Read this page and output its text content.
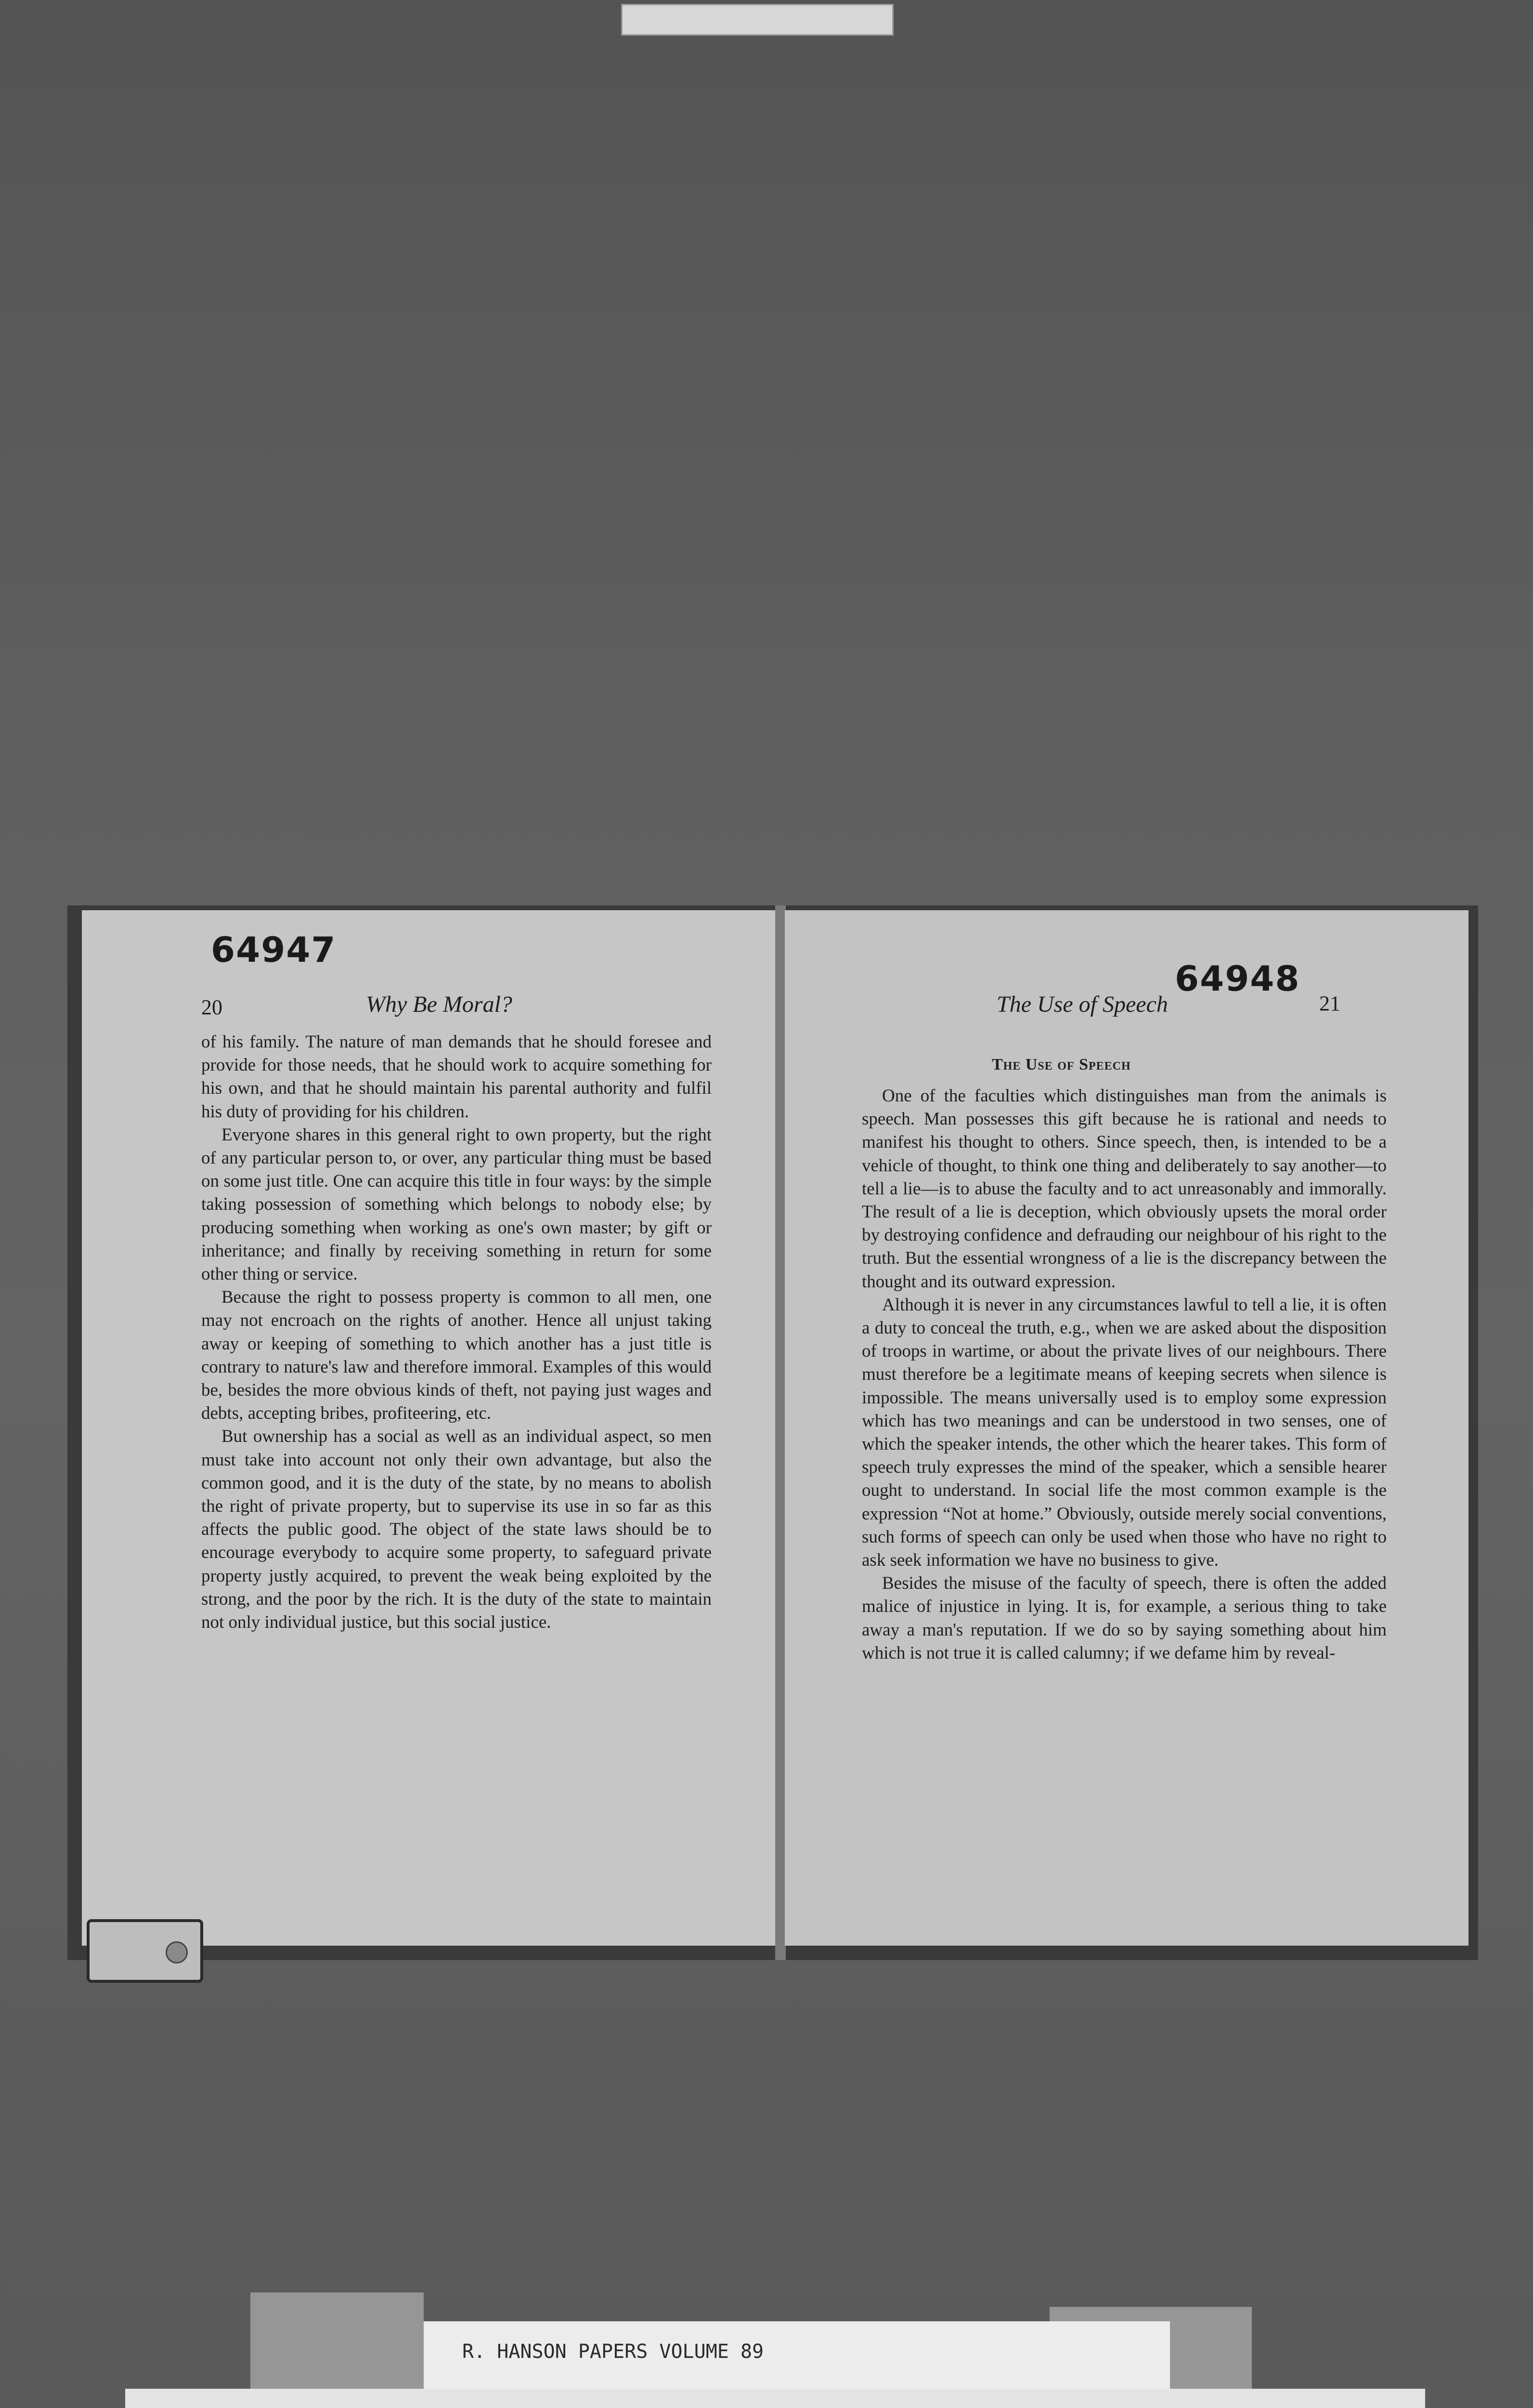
64947
20	Why Be Moral?

of his family. The nature of man demands that he should foresee and provide for those needs, that he should work to acquire something for his own, and that he should maintain his parental authority and fulfil his duty of providing for his children.

Everyone shares in this general right to own property, but the right of any particular person to, or over, any particular thing must be based on some just title. One can acquire this title in four ways: by the simple taking possession of something which belongs to nobody else; by producing something when working as one's own master; by gift or inheritance; and finally by receiving something in return for some other thing or service.

Because the right to possess property is common to all men, one may not encroach on the rights of another. Hence all unjust taking away or keeping of something to which another has a just title is contrary to nature's law and therefore immoral. Examples of this would be, besides the more obvious kinds of theft, not paying just wages and debts, accepting bribes, profiteering, etc.

But ownership has a social as well as an individual aspect, so men must take into account not only their own advantage, but also the common good, and it is the duty of the state, by no means to abolish the right of private property, but to supervise its use in so far as this affects the public good. The object of the state laws should be to encourage everybody to acquire some property, to safeguard private property justly acquired, to prevent the weak being exploited by the strong, and the poor by the rich. It is the duty of the state to maintain not only individual justice, but this social justice.

64948
The Use of Speech	21
The Use of Speech

One of the faculties which distinguishes man from the animals is speech. Man possesses this gift because he is rational and needs to manifest his thought to others. Since speech, then, is intended to be a vehicle of thought, to think one thing and deliberately to say another—to tell a lie—is to abuse the faculty and to act unreasonably and immorally. The result of a lie is deception, which obviously upsets the moral order by destroying confidence and defrauding our neighbour of his right to the truth. But the essential wrongness of a lie is the discrepancy between the thought and its outward expression.

Although it is never in any circumstances lawful to tell a lie, it is often a duty to conceal the truth, e.g., when we are asked about the disposition of troops in wartime, or about the private lives of our neighbours. There must therefore be a legitimate means of keeping secrets when silence is impossible. The means universally used is to employ some expression which has two meanings and can be understood in two senses, one of which the speaker intends, the other which the hearer takes. This form of speech truly expresses the mind of the speaker, which a sensible hearer ought to understand. In social life the most common example is the expression “Not at home.” Obviously, outside merely social conventions, such forms of speech can only be used when those who have no right to ask seek information we have no business to give.

Besides the misuse of the faculty of speech, there is often the added malice of injustice in lying. It is, for example, a serious thing to take away a man's reputation. If we do so by saying something about him which is not true it is called calumny; if we defame him by reveal-

R. HANSON PAPERS VOLUME 89
